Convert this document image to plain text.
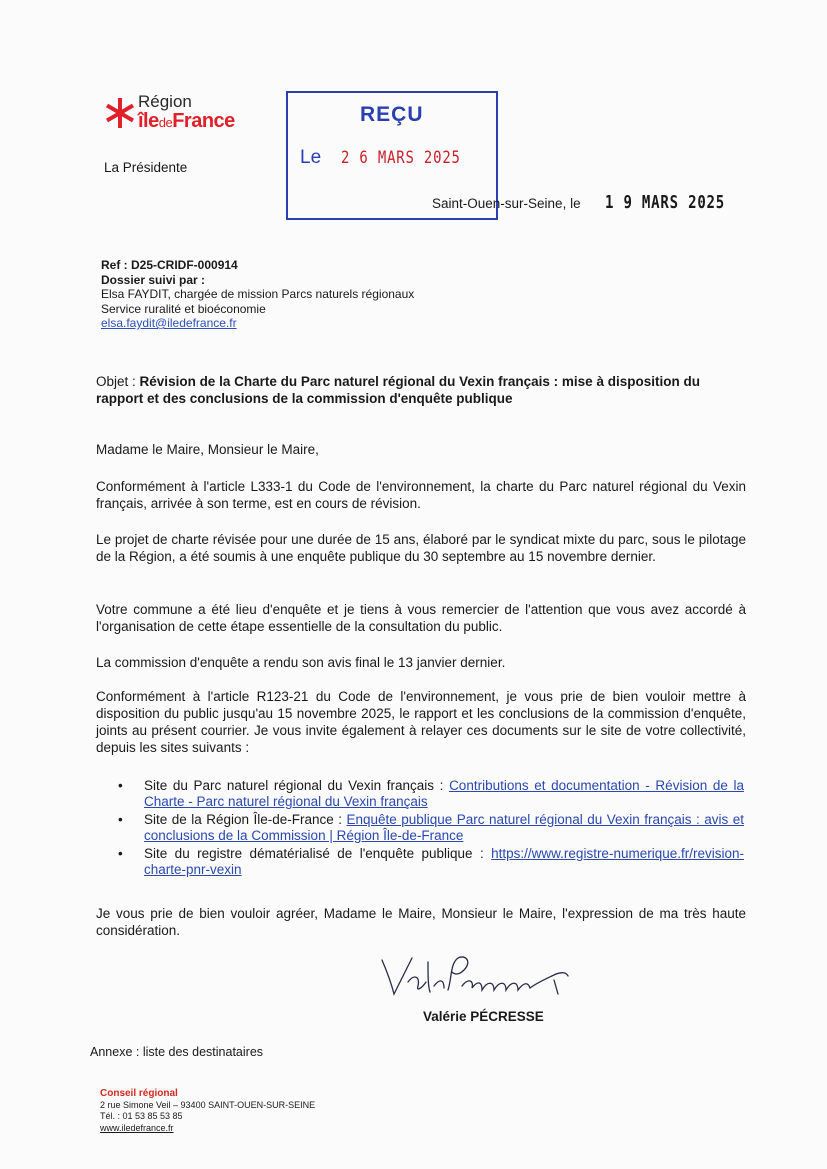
Région
îledeFrance
La Présidente
REÇU
Le 2 6 MARS 2025
Saint-Ouen-sur-Seine, le 1 9 MARS 2025
Ref : D25-CRIDF-000914
Dossier suivi par :
Elsa FAYDIT, chargée de mission Parcs naturels régionaux
Service ruralité et bioéconomie
elsa.faydit@iledefrance.fr
Objet : Révision de la Charte du Parc naturel régional du Vexin français : mise à disposition du rapport et des conclusions de la commission d'enquête publique
Madame le Maire, Monsieur le Maire,
Conformément à l'article L333-1 du Code de l'environnement, la charte du Parc naturel régional du Vexin français, arrivée à son terme, est en cours de révision.
Le projet de charte révisée pour une durée de 15 ans, élaboré par le syndicat mixte du parc, sous le pilotage de la Région, a été soumis à une enquête publique du 30 septembre au 15 novembre dernier.
Votre commune a été lieu d'enquête et je tiens à vous remercier de l'attention que vous avez accordé à l'organisation de cette étape essentielle de la consultation du public.
La commission d'enquête a rendu son avis final le 13 janvier dernier.
Conformément à l'article R123-21 du Code de l'environnement, je vous prie de bien vouloir mettre à disposition du public jusqu'au 15 novembre 2025, le rapport et les conclusions de la commission d'enquête, joints au présent courrier. Je vous invite également à relayer ces documents sur le site de votre collectivité, depuis les sites suivants :
• Site du Parc naturel régional du Vexin français : Contributions et documentation - Révision de la Charte - Parc naturel régional du Vexin français
• Site de la Région Île-de-France : Enquête publique Parc naturel régional du Vexin français : avis et conclusions de la Commission | Région Île-de-France
• Site du registre dématérialisé de l'enquête publique : https://www.registre-numerique.fr/revision-charte-pnr-vexin
Je vous prie de bien vouloir agréer, Madame le Maire, Monsieur le Maire, l'expression de ma très haute considération.
Valérie PÉCRESSE
Annexe : liste des destinataires
Conseil régional
2 rue Simone Veil – 93400 SAINT-OUEN-SUR-SEINE
Tél. : 01 53 85 53 85
www.iledefrance.fr
